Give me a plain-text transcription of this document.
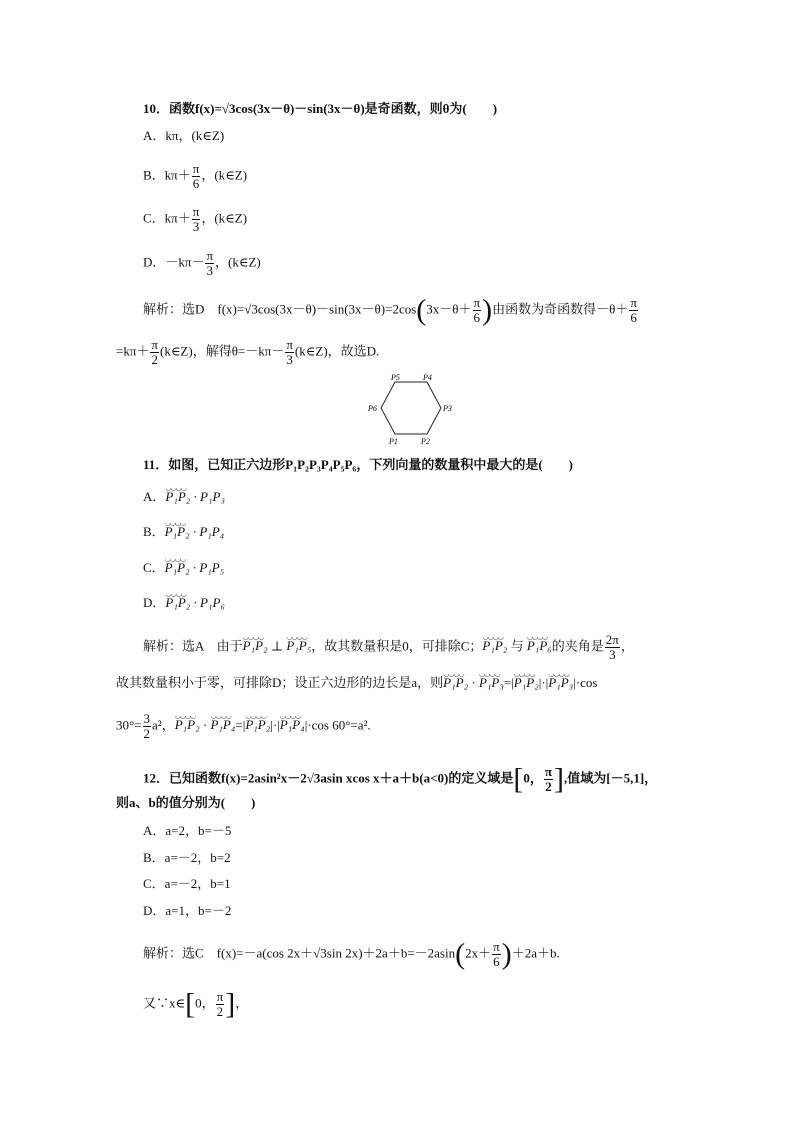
10．函数f(x)=√3cos(3x－θ)－sin(3x－θ)是奇函数，则θ为(　　)
A．kπ，(k∈Z)
B．$k\pi+ \frac{\pi}{6}$ ，(k∈Z)
C．$k\pi+ \frac{\pi}{3}$ ，(k∈Z)
D．$-k\pi- \frac{\pi}{3}$ ，(k∈Z)
解析：选D　$f(x)=√3\cos(3x-\theta)-\sin(3x-\theta)=2\cos(3x-\theta+ \frac{\pi}{6}$ )由函数为奇函数得$-\theta+ \frac{\pi}{6}$
$=k\pi+ \frac{\pi}{2}$ (k∈Z)，解得$\theta=-k\pi- \frac{\pi}{3}$ (k∈Z)，故选D.
P5	P4
P6	P3
P1	P2
11．如图，已知正六边形P₁P₂P₃P₄P₅P₆，下列向量的数量积中最大的是(　　)
A．◡◡◡◡ P₁P₂ · P₁P₃
B．◡◡◡◡ P₁P₂ · P₁P₄
C．◡◡◡◡ P₁P₂ · P₁P₅
D．◡◡◡◡ P₁P₂ · P₁P₆
解析：选A　由于◡◡◡◡ P₁P₂ ⊥ ◡◡◡◡ P₁P₅，故其数量积是0，可排除C；◡◡◡◡ P₁P₂ 与 ◡◡◡◡ P₁P₆的夹角是 $\frac{2\pi}{3}$ ，
故其数量积小于零，可排除D；设正六边形的边长是a，则◡◡◡◡ P₁P₂ · ◡◡◡◡ P₁P₃=|◡◡◡◡ P₁P₂|·|◡◡◡◡ P₁P₃|·cos
$30^\circ= \frac{3}{2} a^2$，◡◡◡◡ P₁P₂ · ◡◡◡◡ P₁P₄=|◡◡◡◡ P₁P₂|·|◡◡◡◡ P₁P₄|·cos 60°=a².
12．已知函数f(x)=2asin²x－2√3asin xcos x＋a＋b(a<0)的定义域是[0， $\frac{\pi}{2}$ ],值域为[－5,1]，
则a、b的值分别为(　　)
A．a=2，b=－5
B．a=－2，b=2
C．a=－2，b=1
D．a=1，b=－2
解析：选C　f(x)=－a(cos 2x＋√3sin $2x)+2a+b=-2asin(2x+ \frac{\pi}{6} )+2a+b$.
又∵x∈[0， $\frac{\pi}{2}$ ]，
